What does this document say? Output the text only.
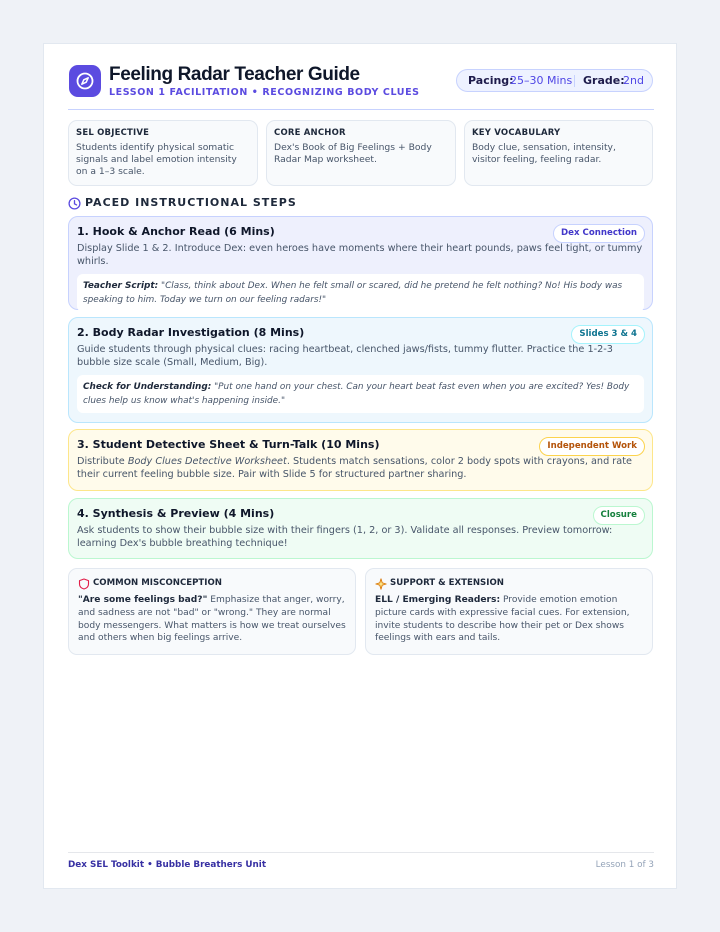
Feeling Radar Teacher Guide
LESSON 1 FACILITATION • RECOGNIZING BODY CLUES
Pacing:
25–30 Mins Grade:
2nd
SEL OBJECTIVE
Students identify physical somatic signals and label emotion intensity on a 1–3 scale.
CORE ANCHOR
Dex's Book of Big Feelings + Body Radar Map worksheet.
KEY VOCABULARY
Body clue, sensation, intensity, visitor feeling, feeling radar.
PACED INSTRUCTIONAL STEPS
1. Hook & Anchor Read (6 Mins)	Dex Connection
Display Slide 1 & 2. Introduce Dex: even heroes have moments where their heart pounds, paws feel tight, or tummy whirls.
Teacher Script: "Class, think about Dex. When he felt small or scared, did he pretend he felt nothing? No! His body was speaking to him. Today we turn on our feeling radars!"
2. Body Radar Investigation (8 Mins)	Slides 3 & 4
Guide students through physical clues: racing heartbeat, clenched jaws/fists, tummy flutter. Practice the 1-2-3 bubble size scale (Small, Medium, Big).
Check for Understanding: "Put one hand on your chest. Can your heart beat fast even when you are excited? Yes! Body clues help us know what's happening inside."
3. Student Detective Sheet & Turn-Talk (10 Mins)	Independent Work
Distribute Body Clues Detective Worksheet. Students match sensations, color 2 body spots with crayons, and rate their current feeling bubble size. Pair with Slide 5 for structured partner sharing.
4. Synthesis & Preview (4 Mins)	Closure
Ask students to show their bubble size with their fingers (1, 2, or 3). Validate all responses. Preview tomorrow: learning Dex's bubble breathing technique!
COMMON MISCONCEPTION
"Are some feelings bad?" Emphasize that anger, worry, and sadness are not "bad" or "wrong." They are normal body messengers. What matters is how we treat ourselves and others when big feelings arrive.
SUPPORT & EXTENSION
ELL / Emerging Readers: Provide emotion emotion picture cards with expressive facial cues. For extension, invite students to describe how their pet or Dex shows feelings with ears and tails.
Dex SEL Toolkit • Bubble Breathers Unit	Lesson 1 of 3
